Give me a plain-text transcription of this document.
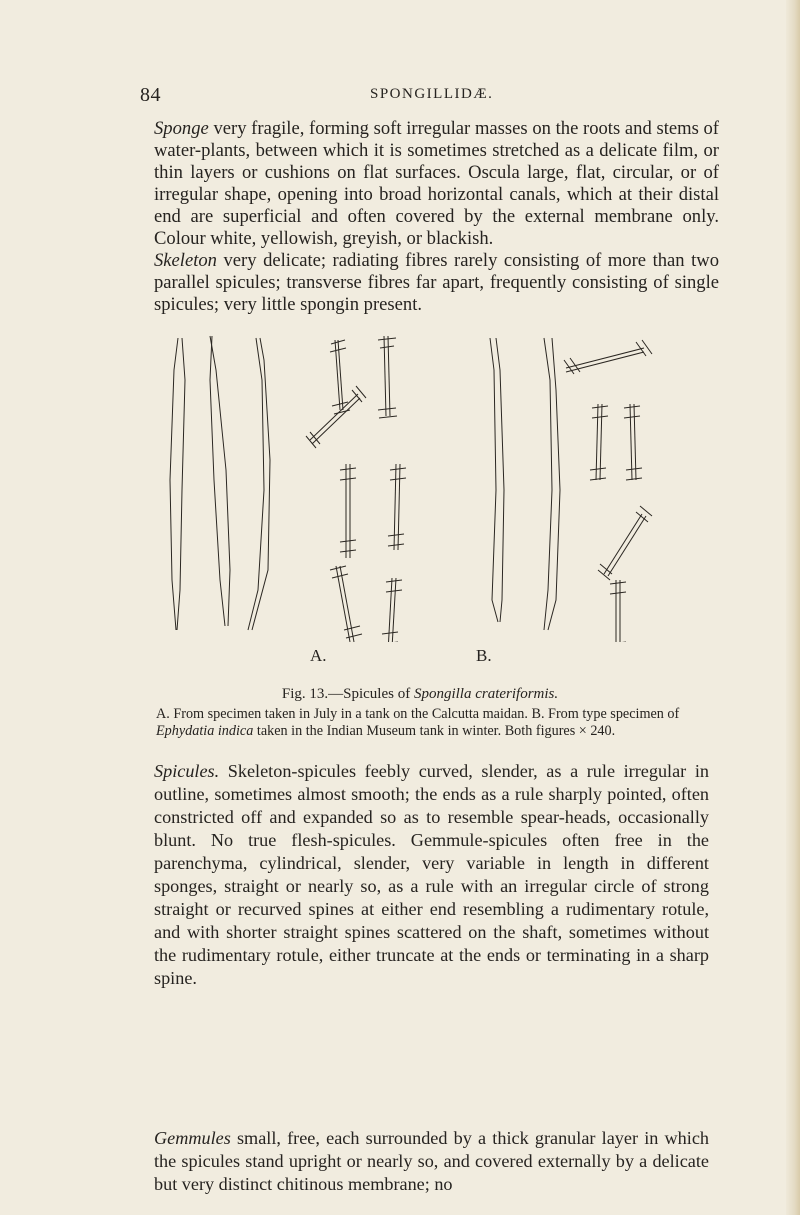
84	SPONGILLIDÆ.

Sponge very fragile, forming soft irregular masses on the roots and stems of water-plants, between which it is sometimes stretched as a delicate film, or thin layers or cushions on flat surfaces. Oscula large, flat, circular, or of irregular shape, opening into broad horizontal canals, which at their distal end are superficial and often covered by the external membrane only. Colour white, yellowish, greyish, or blackish.

Skeleton very delicate; radiating fibres rarely consisting of more than two parallel spicules; transverse fibres far apart, frequently consisting of single spicules; very little spongin present.

A.	B.
Fig. 13.—Spicules of Spongilla crateriformis.

A. From specimen taken in July in a tank on the Calcutta maidan. B. From type specimen of Ephydatia indica taken in the Indian Museum tank in winter. Both figures × 240.

Spicules. Skeleton-spicules feebly curved, slender, as a rule irregular in outline, sometimes almost smooth; the ends as a rule sharply pointed, often constricted off and expanded so as to resemble spear-heads, occasionally blunt. No true flesh-spicules. Gemmule-spicules often free in the parenchyma, cylindrical, slender, very variable in length in different sponges, straight or nearly so, as a rule with an irregular circle of strong straight or recurved spines at either end resembling a rudimentary rotule, and with shorter straight spines scattered on the shaft, sometimes without the rudimentary rotule, either truncate at the ends or terminating in a sharp spine.

Gemmules small, free, each surrounded by a thick granular layer in which the spicules stand upright or nearly so, and covered externally by a delicate but very distinct chitinous membrane; no
